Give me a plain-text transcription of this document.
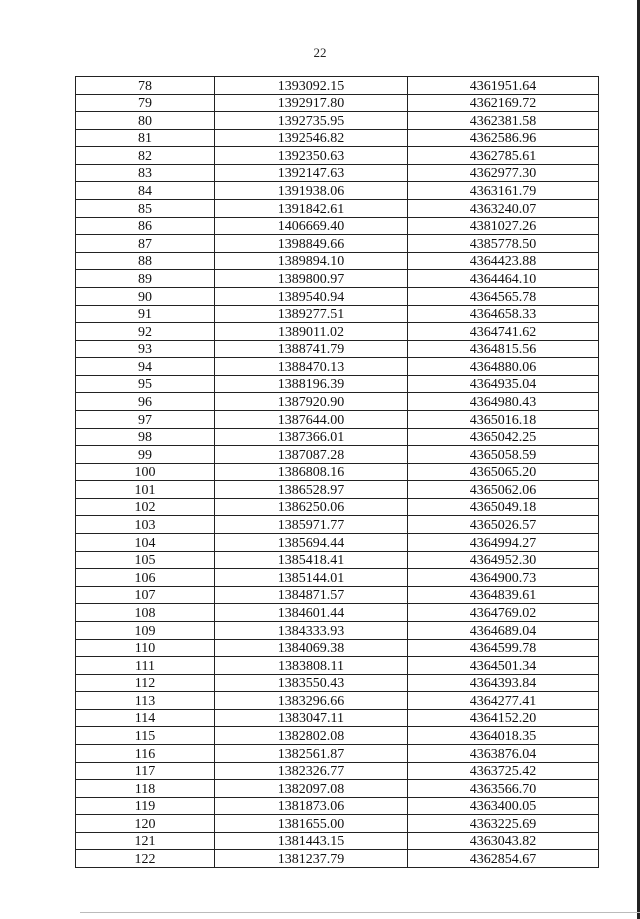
22
78	1393092.15	4361951.64
79	1392917.80	4362169.72
80	1392735.95	4362381.58
81	1392546.82	4362586.96
82	1392350.63	4362785.61
83	1392147.63	4362977.30
84	1391938.06	4363161.79
85	1391842.61	4363240.07
86	1406669.40	4381027.26
87	1398849.66	4385778.50
88	1389894.10	4364423.88
89	1389800.97	4364464.10
90	1389540.94	4364565.78
91	1389277.51	4364658.33
92	1389011.02	4364741.62
93	1388741.79	4364815.56
94	1388470.13	4364880.06
95	1388196.39	4364935.04
96	1387920.90	4364980.43
97	1387644.00	4365016.18
98	1387366.01	4365042.25
99	1387087.28	4365058.59
100	1386808.16	4365065.20
101	1386528.97	4365062.06
102	1386250.06	4365049.18
103	1385971.77	4365026.57
104	1385694.44	4364994.27
105	1385418.41	4364952.30
106	1385144.01	4364900.73
107	1384871.57	4364839.61
108	1384601.44	4364769.02
109	1384333.93	4364689.04
110	1384069.38	4364599.78
111	1383808.11	4364501.34
112	1383550.43	4364393.84
113	1383296.66	4364277.41
114	1383047.11	4364152.20
115	1382802.08	4364018.35
116	1382561.87	4363876.04
117	1382326.77	4363725.42
118	1382097.08	4363566.70
119	1381873.06	4363400.05
120	1381655.00	4363225.69
121	1381443.15	4363043.82
122	1381237.79	4362854.67
